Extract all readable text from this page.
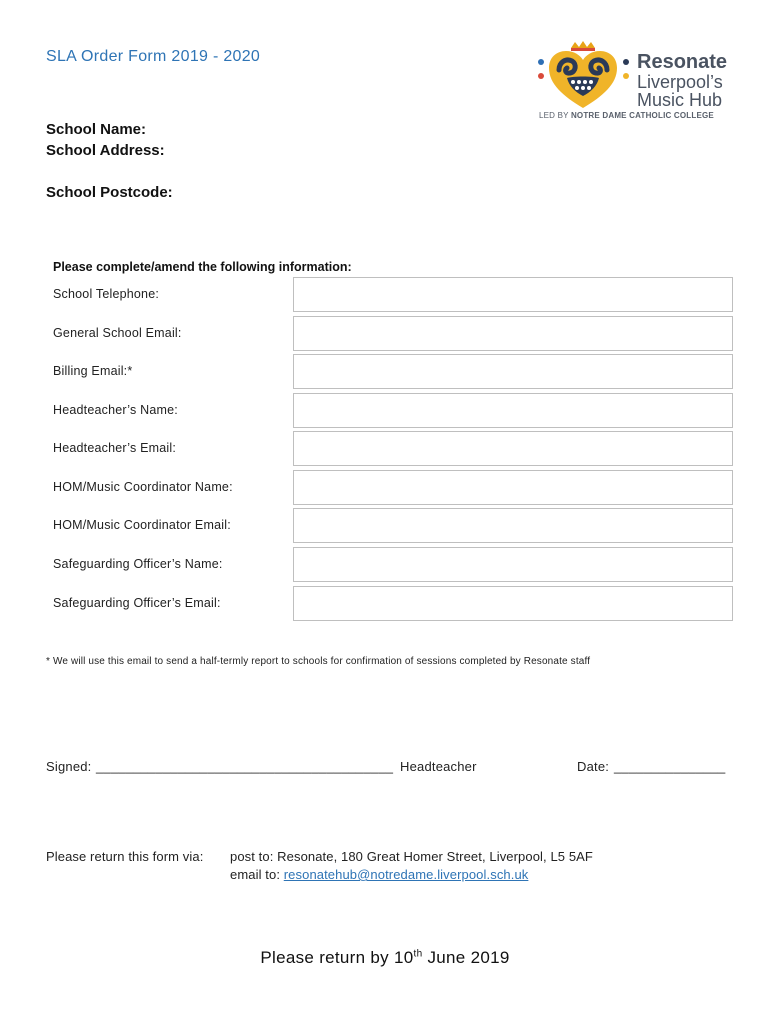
SLA Order Form 2019 - 2020	Resonate
Liverpool’s
Music Hub
LED BY NOTRE DAME CATHOLIC COLLEGE
School Name:
School Address:
School Postcode:
Please complete/amend the following information:
School Telephone:
General School Email:
Billing Email:*
Headteacher’s Name:
Headteacher’s Email:
HOM/Music Coordinator Name:
HOM/Music Coordinator Email:
Safeguarding Officer’s Name:
Safeguarding Officer’s Email:
* We will use this email to send a half-termly report to schools for confirmation of sessions completed by Resonate staff
Signed: ________________________________________ Headteacher	Date: _______________
Please return this form via: post to: Resonate, 180 Great Homer Street, Liverpool, L5 5AF
email to: resonatehub@notredame.liverpool.sch.uk
Please return by 10th June 2019
